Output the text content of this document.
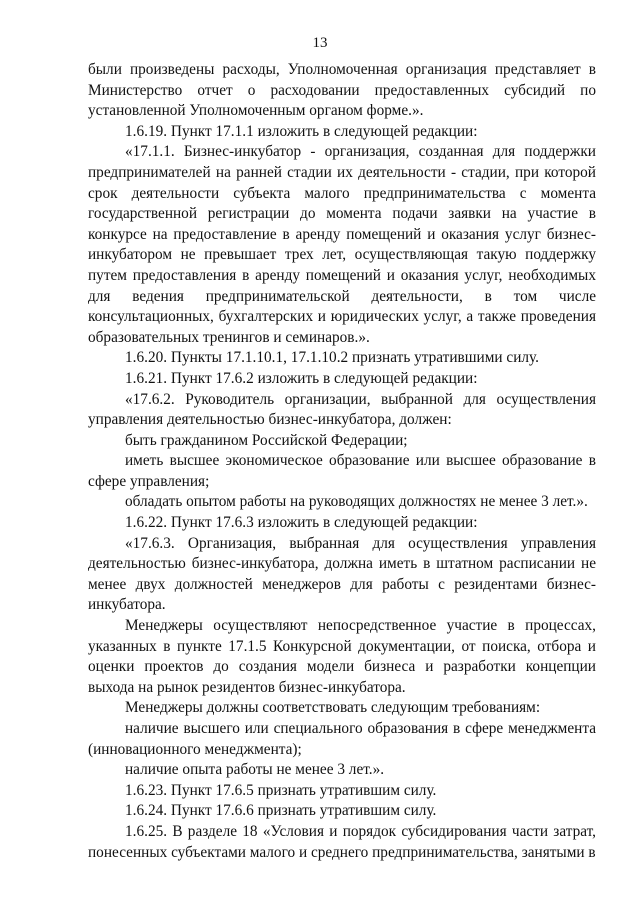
13

были произведены расходы, Уполномоченная организация представляет в Министерство отчет о расходовании предоставленных субсидий по установленной Уполномоченным органом форме.».

1.6.19. Пункт 17.1.1 изложить в следующей редакции:

«17.1.1. Бизнес-инкубатор - организация, созданная для поддержки предпринимателей на ранней стадии их деятельности - стадии, при которой срок деятельности субъекта малого предпринимательства с момента государственной регистрации до момента подачи заявки на участие в конкурсе на предоставление в аренду помещений и оказания услуг бизнес-инкубатором не превышает трех лет, осуществляющая такую поддержку путем предоставления в аренду помещений и оказания услуг, необходимых для ведения предпринимательской деятельности, в том числе консультационных, бухгалтерских и юридических услуг, а также проведения образовательных тренингов и семинаров.».

1.6.20. Пункты 17.1.10.1, 17.1.10.2 признать утратившими силу.

1.6.21. Пункт 17.6.2 изложить в следующей редакции:

«17.6.2. Руководитель организации, выбранной для осуществления управления деятельностью бизнес-инкубатора, должен:

быть гражданином Российской Федерации;

иметь высшее экономическое образование или высшее образование в сфере управления;

обладать опытом работы на руководящих должностях не менее 3 лет.».

1.6.22. Пункт 17.6.3 изложить в следующей редакции:

«17.6.3. Организация, выбранная для осуществления управления деятельностью бизнес-инкубатора, должна иметь в штатном расписании не менее двух должностей менеджеров для работы с резидентами бизнес-инкубатора.

Менеджеры осуществляют непосредственное участие в процессах, указанных в пункте 17.1.5 Конкурсной документации, от поиска, отбора и оценки проектов до создания модели бизнеса и разработки концепции выхода на рынок резидентов бизнес-инкубатора.

Менеджеры должны соответствовать следующим требованиям:

наличие высшего или специального образования в сфере менеджмента (инновационного менеджмента);

наличие опыта работы не менее 3 лет.».

1.6.23. Пункт 17.6.5 признать утратившим силу.

1.6.24. Пункт 17.6.6 признать утратившим силу.

1.6.25. В разделе 18 «Условия и порядок субсидирования части затрат, понесенных субъектами малого и среднего предпринимательства, занятыми в
